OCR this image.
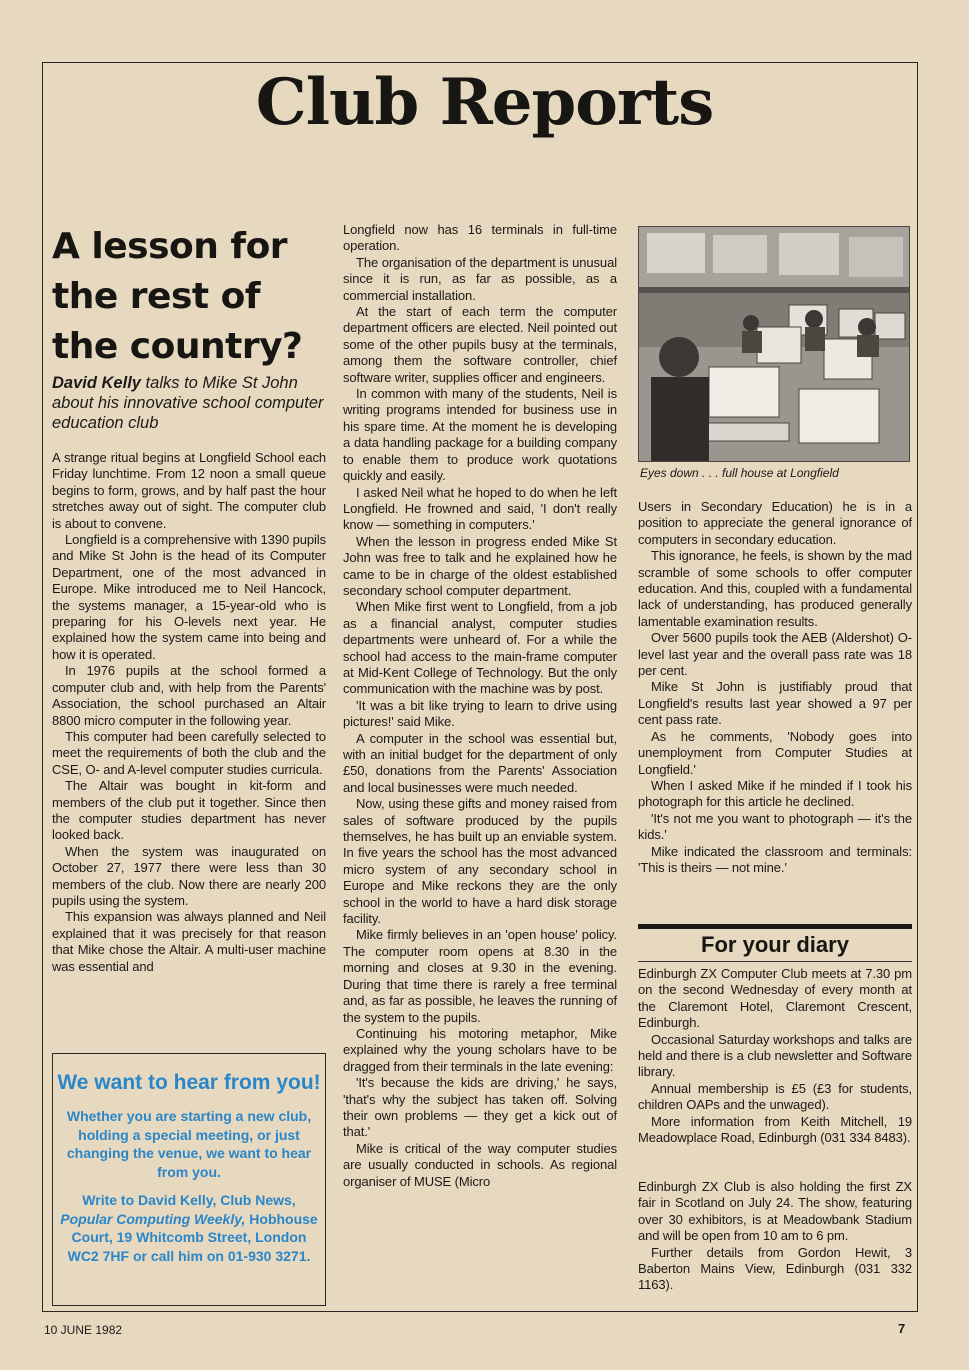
Club Reports
A lesson for the rest of the country?
David Kelly talks to Mike St John about his innovative school computer education club

A strange ritual begins at Longfield School each Friday lunchtime. From 12 noon a small queue begins to form, grows, and by half past the hour stretches away out of sight. The computer club is about to convene.

Longfield is a comprehensive with 1390 pupils and Mike St John is the head of its Computer Department, one of the most advanced in Europe. Mike introduced me to Neil Hancock, the systems manager, a 15-year-old who is preparing for his O-levels next year. He explained how the system came into being and how it is operated.

In 1976 pupils at the school formed a computer club and, with help from the Parents' Association, the school purchased an Altair 8800 micro computer in the following year.

This computer had been carefully selected to meet the requirements of both the club and the CSE, O- and A-level computer studies curricula.

The Altair was bought in kit-form and members of the club put it together. Since then the computer studies department has never looked back.

When the system was inaugurated on October 27, 1977 there were less than 30 members of the club. Now there are nearly 200 pupils using the system.

This expansion was always planned and Neil explained that it was precisely for that reason that Mike chose the Altair. A multi-user machine was essential and

We want to hear from you!
Whether you are starting a new club, holding a special meeting, or just changing the venue, we want to hear from you.
Write to David Kelly, Club News, Popular Computing Weekly, Hobhouse Court, 19 Whitcomb Street, London WC2 7HF or call him on 01-930 3271.

Longfield now has 16 terminals in full-time operation.

The organisation of the department is unusual since it is run, as far as possible, as a commercial installation.

At the start of each term the computer department officers are elected. Neil pointed out some of the other pupils busy at the terminals, among them the software controller, chief software writer, supplies officer and engineers.

In common with many of the students, Neil is writing programs intended for business use in his spare time. At the moment he is developing a data handling package for a building company to enable them to produce work quotations quickly and easily.

I asked Neil what he hoped to do when he left Longfield. He frowned and said, 'I don't really know — something in computers.'

When the lesson in progress ended Mike St John was free to talk and he explained how he came to be in charge of the oldest established secondary school computer department.

When Mike first went to Longfield, from a job as a financial analyst, computer studies departments were unheard of. For a while the school had access to the main-frame computer at Mid-Kent College of Technology. But the only communication with the machine was by post.

'It was a bit like trying to learn to drive using pictures!' said Mike.

A computer in the school was essential but, with an initial budget for the department of only £50, donations from the Parents' Association and local businesses were much needed.

Now, using these gifts and money raised from sales of software produced by the pupils themselves, he has built up an enviable system. In five years the school has the most advanced micro system of any secondary school in Europe and Mike reckons they are the only school in the world to have a hard disk storage facility.

Mike firmly believes in an 'open house' policy. The computer room opens at 8.30 in the morning and closes at 9.30 in the evening. During that time there is rarely a free terminal and, as far as possible, he leaves the running of the system to the pupils.

Continuing his motoring metaphor, Mike explained why the young scholars have to be dragged from their terminals in the late evening:

'It's because the kids are driving,' he says, 'that's why the subject has taken off. Solving their own problems — they get a kick out of that.'

Mike is critical of the way computer studies are usually conducted in schools. As regional organiser of MUSE (Micro

Eyes down . . . full house at Longfield

Users in Secondary Education) he is in a position to appreciate the general ignorance of computers in secondary education.

This ignorance, he feels, is shown by the mad scramble of some schools to offer computer education. And this, coupled with a fundamental lack of understanding, has produced generally lamentable examination results.

Over 5600 pupils took the AEB (Aldershot) O-level last year and the overall pass rate was 18 per cent.

Mike St John is justifiably proud that Longfield's results last year showed a 97 per cent pass rate.

As he comments, 'Nobody goes into unemployment from Computer Studies at Longfield.'

When I asked Mike if he minded if I took his photograph for this article he declined.

'It's not me you want to photograph — it's the kids.'

Mike indicated the classroom and terminals: 'This is theirs — not mine.'

For your diary

Edinburgh ZX Computer Club meets at 7.30 pm on the second Wednesday of every month at the Claremont Hotel, Claremont Crescent, Edinburgh.

Occasional Saturday workshops and talks are held and there is a club newsletter and Software library.

Annual membership is £5 (£3 for students, children OAPs and the unwaged).

More information from Keith Mitchell, 19 Meadowplace Road, Edinburgh (031 334 8483).

Edinburgh ZX Club is also holding the first ZX fair in Scotland on July 24. The show, featuring over 30 exhibitors, is at Meadowbank Stadium and will be open from 10 am to 6 pm.

Further details from Gordon Hewit, 3 Baberton Mains View, Edinburgh (031 332 1163).

10 JUNE 1982	7
